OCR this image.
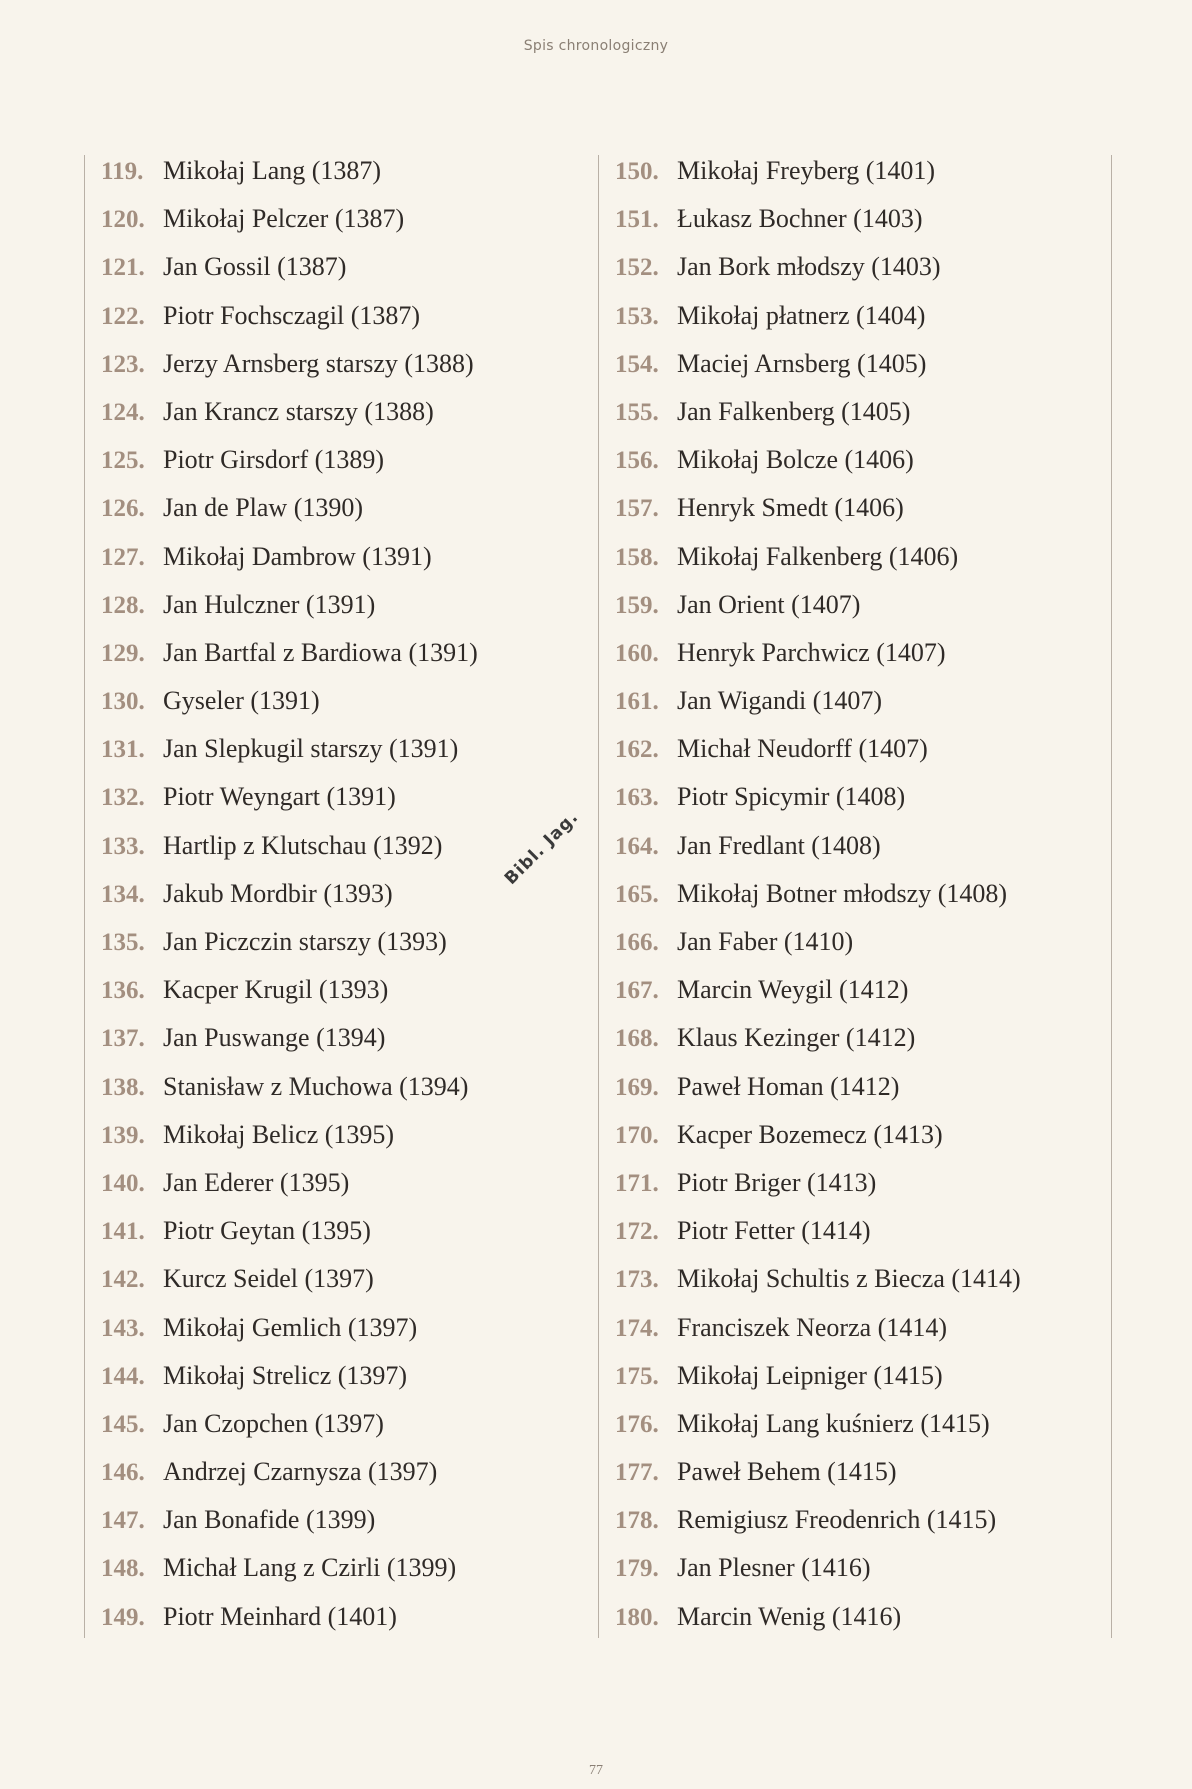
Spis chronologiczny
119. Mikołaj Lang (1387)
120. Mikołaj Pelczer (1387)
121. Jan Gossil (1387)
122. Piotr Fochsczagil (1387)
123. Jerzy Arnsberg starszy (1388)
124. Jan Krancz starszy (1388)
125. Piotr Girsdorf (1389)
126. Jan de Plaw (1390)
127. Mikołaj Dambrow (1391)
128. Jan Hulczner (1391)
129. Jan Bartfal z Bardiowa (1391)
130. Gyseler (1391)
131. Jan Slepkugil starszy (1391)
132. Piotr Weyngart (1391)
133. Hartlip z Klutschau (1392)
134. Jakub Mordbir (1393)
135. Jan Piczczin starszy (1393)
136. Kacper Krugil (1393)
137. Jan Puswange (1394)
138. Stanisław z Muchowa (1394)
139. Mikołaj Belicz (1395)
140. Jan Ederer (1395)
141. Piotr Geytan (1395)
142. Kurcz Seidel (1397)
143. Mikołaj Gemlich (1397)
144. Mikołaj Strelicz (1397)
145. Jan Czopchen (1397)
146. Andrzej Czarnysza (1397)
147. Jan Bonafide (1399)
148. Michał Lang z Czirli (1399)
149. Piotr Meinhard (1401)
150. Mikołaj Freyberg (1401)
151. Łukasz Bochner (1403)
152. Jan Bork młodszy (1403)
153. Mikołaj płatnerz (1404)
154. Maciej Arnsberg (1405)
155. Jan Falkenberg (1405)
156. Mikołaj Bolcze (1406)
157. Henryk Smedt (1406)
158. Mikołaj Falkenberg (1406)
159. Jan Orient (1407)
160. Henryk Parchwicz (1407)
161. Jan Wigandi (1407)
162. Michał Neudorff (1407)
163. Piotr Spicymir (1408)
164. Jan Fredlant (1408)
165. Mikołaj Botner młodszy (1408)
166. Jan Faber (1410)
167. Marcin Weygil (1412)
168. Klaus Kezinger (1412)
169. Paweł Homan (1412)
170. Kacper Bozemecz (1413)
171. Piotr Briger (1413)
172. Piotr Fetter (1414)
173. Mikołaj Schultis z Biecza (1414)
174. Franciszek Neorza (1414)
175. Mikołaj Leipniger (1415)
176. Mikołaj Lang kuśnierz (1415)
177. Paweł Behem (1415)
178. Remigiusz Freodenrich (1415)
179. Jan Plesner (1416)
180. Marcin Wenig (1416)
Bibl. Jag.
77
